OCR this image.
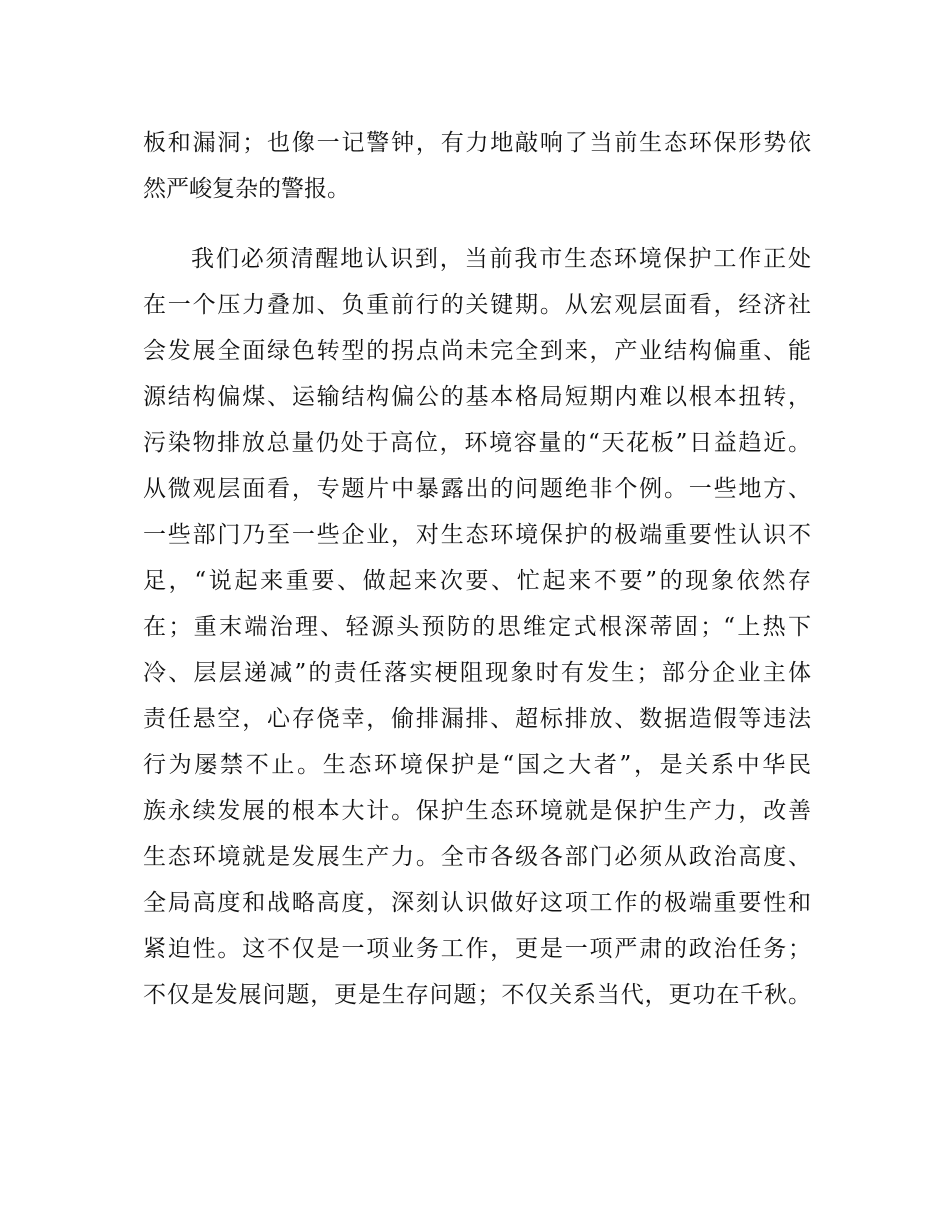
板和漏洞；也像一记警钟，有力地敲响了当前生态环保形势依
然严峻复杂的警报。
我们必须清醒地认识到，当前我市生态环境保护工作正处
在一个压力叠加、负重前行的关键期。从宏观层面看，经济社
会发展全面绿色转型的拐点尚未完全到来，产业结构偏重、能
源结构偏煤、运输结构偏公的基本格局短期内难以根本扭转，
污染物排放总量仍处于高位，环境容量的“天花板”日益趋近。
从微观层面看，专题片中暴露出的问题绝非个例。一些地方、
一些部门乃至一些企业，对生态环境保护的极端重要性认识不
足，“说起来重要、做起来次要、忙起来不要”的现象依然存
在；重末端治理、轻源头预防的思维定式根深蒂固；“上热下
冷、层层递减”的责任落实梗阻现象时有发生；部分企业主体
责任悬空，心存侥幸，偷排漏排、超标排放、数据造假等违法
行为屡禁不止。生态环境保护是“国之大者”，是关系中华民
族永续发展的根本大计。保护生态环境就是保护生产力，改善
生态环境就是发展生产力。全市各级各部门必须从政治高度、
全局高度和战略高度，深刻认识做好这项工作的极端重要性和
紧迫性。这不仅是一项业务工作，更是一项严肃的政治任务；
不仅是发展问题，更是生存问题；不仅关系当代，更功在千秋。
